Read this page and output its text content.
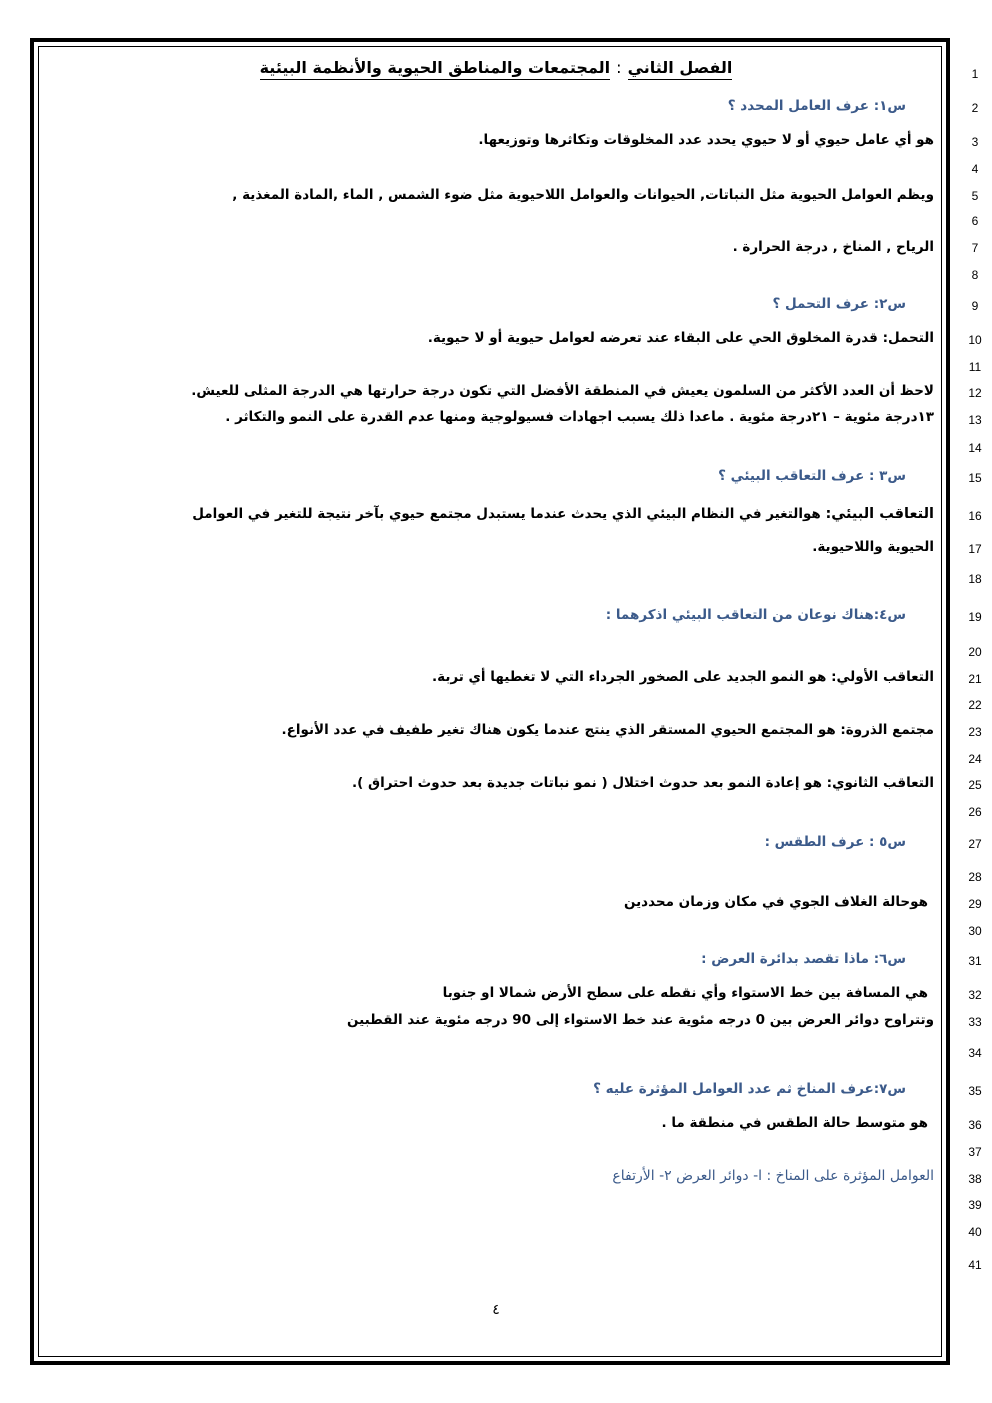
1
2
3
4
5
6
7
8
9
10
11
12
13
14
15
16
17
18
19
20
21
22
23
24
25
26
27
28
29
30
31
32
33
34
35
36
37
38
39
40
41
الفصل الثاني:المجتمعات والمناطق الحيوية والأنظمة البيئية
س١: عرف العامل المحدد ؟
هو أي عامل حيوي أو لا حيوي يحدد عدد المخلوقات وتكاثرها وتوزيعها.
ويظم العوامل الحيوية مثل النباتات, الحيوانات والعوامل اللاحيوية مثل ضوء الشمس , الماء ,المادة المغذية ,
الرياح , المناخ , درجة الحرارة .
س٢: عرف التحمل ؟
التحمل: قدرة المخلوق الحي على البقاء عند تعرضه لعوامل حيوية أو لا حيوية.
لاحظ أن العدد الأكثر من السلمون يعيش في المنطقة الأفضل التي تكون درجة حرارتها هي الدرجة المثلى للعيش.
١٣درجة مئوية – ٢١درجة مئوية . ماعدا ذلك يسبب اجهادات فسيولوجية ومنها عدم القدرة على النمو والتكاثر .
س٣ : عرف التعاقب البيئي ؟
التعاقب البيئي: هوالتغير في النظام البيئي الذي يحدث عندما يستبدل مجتمع حيوي بآخر نتيجة للتغير في العوامل
الحيوية واللاحيوية.
س٤:هناك نوعان من التعاقب البيئي اذكرهما :
التعاقب الأولي: هو النمو الجديد على الصخور الجرداء التي لا تغطيها أي تربة.
مجتمع الذروة: هو المجتمع الحيوي المستقر الذي ينتج عندما يكون هناك تغير طفيف في عدد الأنواع.
التعاقب الثانوي: هو إعادة النمو بعد حدوث اختلال ( نمو نباتات جديدة بعد حدوث احتراق ).
س٥ : عرف الطقس :
هوحالة الغلاف الجوي في مكان وزمان محددين
س٦: ماذا تقصد بدائرة العرض :
هي المسافة بين خط الاستواء وأي نقطه على سطح الأرض شمالا او جنوبا
وتتراوح دوائر العرض بين 0 درجه مئوية عند خط الاستواء إلى 90 درجه مئوية عند القطبين
س٧:عرف المناخ ثم عدد العوامل المؤثرة عليه ؟
هو متوسط حالة الطقس في منطقة ما .
العوامل المؤثرة على المناخ : ا- دوائر العرض ٢- الأرتفاع
٤
